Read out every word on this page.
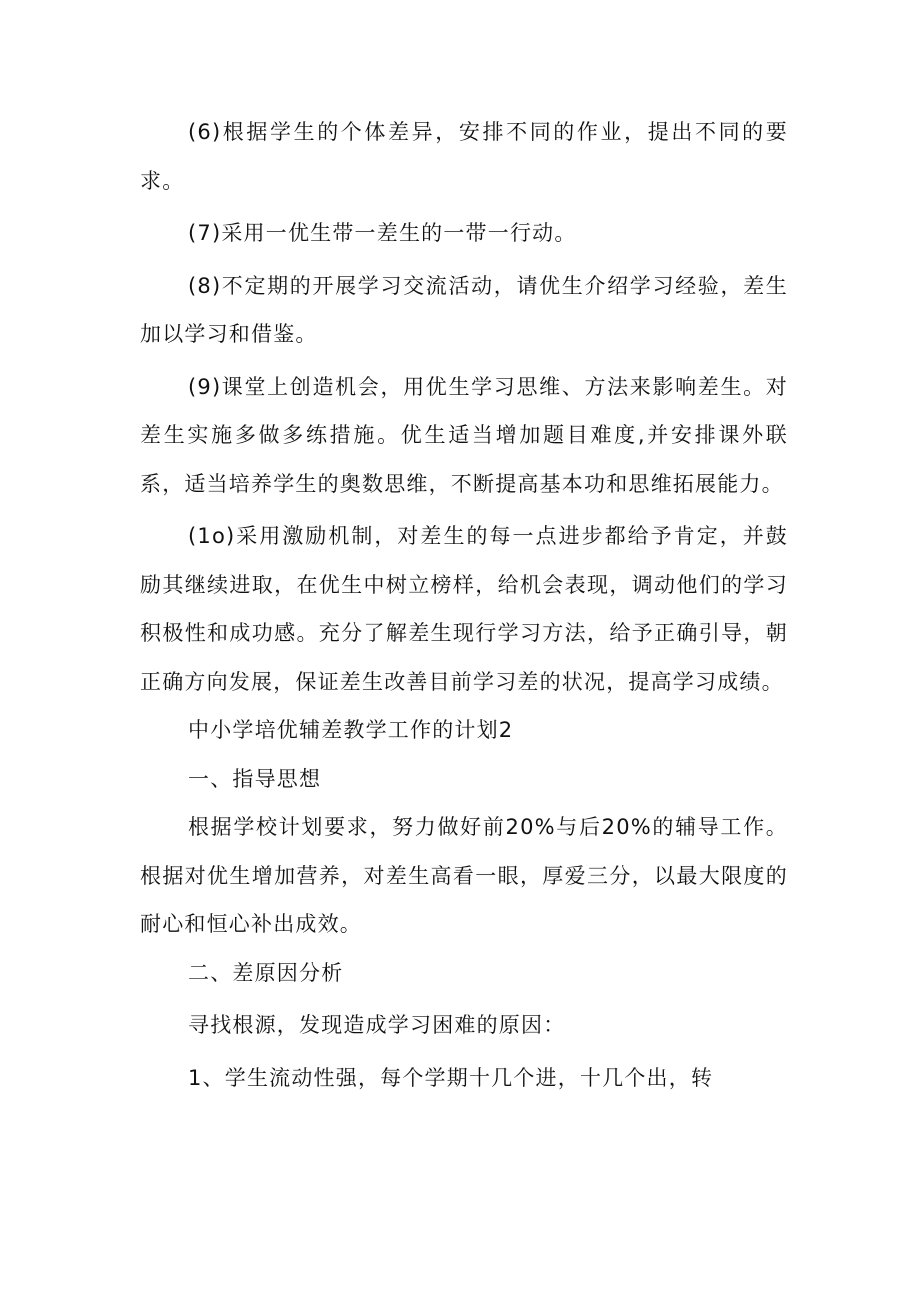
(6)根据学生的个体差异，安排不同的作业，提出不同的要求。

(7)采用一优生带一差生的一带一行动。

(8)不定期的开展学习交流活动，请优生介绍学习经验，差生加以学习和借鉴。

(9)课堂上创造机会，用优生学习思维、方法来影响差生。对差生实施多做多练措施。优生适当增加题目难度,并安排课外联系，适当培养学生的奥数思维，不断提高基本功和思维拓展能力。

(1o)采用激励机制，对差生的每一点进步都给予肯定，并鼓励其继续进取，在优生中树立榜样，给机会表现，调动他们的学习积极性和成功感。充分了解差生现行学习方法，给予正确引导，朝正确方向发展，保证差生改善目前学习差的状况，提高学习成绩。

中小学培优辅差教学工作的计划2

一、指导思想

根据学校计划要求，努力做好前20%与后20%的辅导工作。根据对优生增加营养，对差生高看一眼，厚爱三分，以最大限度的耐心和恒心补出成效。

二、差原因分析

寻找根源，发现造成学习困难的原因：

1、学生流动性强，每个学期十几个进，十几个出，转
